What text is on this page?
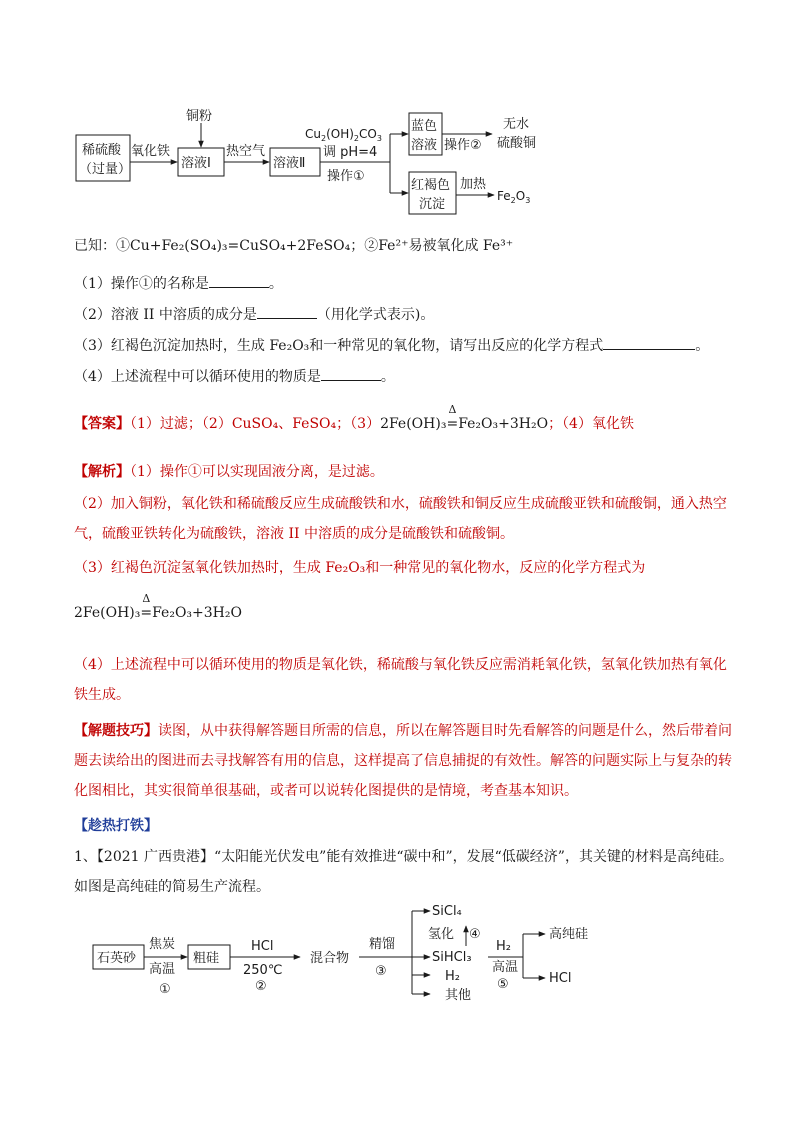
稀硫酸
（过量）
氧化铁
铜粉
溶液Ⅰ
热空气
溶液Ⅱ
$Cu_2(OH)_2CO_3$
调 pH=4
操作①
蓝色
溶液 操作②
无水
硫酸铜
红褐色
沉淀
加热
$Fe_2O_3$
已知：①Cu+Fe₂(SO₄)₃=CuSO₄+2FeSO₄；②Fe²⁺易被氧化成 Fe³⁺
（1）操作①的名称是	。
（2）溶液 II 中溶质的成分是	（用化学式表示)。
（3）红褐色沉淀加热时，生成 Fe₂O₃和一种常见的氧化物，请写出反应的化学方程式	。
（4）上述流程中可以循环使用的物质是	。
【答案】（1）过滤；（2）CuSO₄、FeSO₄；（3）2Fe(OH)₃
Δ
=Fe₂O₃+3H₂O；（4）氧化铁
【解析】（1）操作①可以实现固液分离，是过滤。
（2）加入铜粉，氧化铁和稀硫酸反应生成硫酸铁和水，硫酸铁和铜反应生成硫酸亚铁和硫酸铜，通入热空气，硫酸亚铁转化为硫酸铁，溶液 II 中溶质的成分是硫酸铁和硫酸铜。
（3）红褐色沉淀氢氧化铁加热时，生成 Fe₂O₃和一种常见的氧化物水，反应的化学方程式为
2Fe(OH)₃
Δ
=Fe₂O₃+3H₂O
（4）上述流程中可以循环使用的物质是氧化铁，稀硫酸与氧化铁反应需消耗氧化铁，氢氧化铁加热有氧化铁生成。
【解题技巧】读图，从中获得解答题目所需的信息，所以在解答题目时先看解答的问题是什么，然后带着问题去读给出的图进而去寻找解答有用的信息，这样提高了信息捕捉的有效性。解答的问题实际上与复杂的转化图相比，其实很简单很基础，或者可以说转化图提供的是情境，考查基本知识。
【趁热打铁】
1、【2021 广西贵港】“太阳能光伏发电”能有效推进“碳中和”，发展“低碳经济”，其关键的材料是高纯硅。如图是高纯硅的简易生产流程。
石英砂
焦炭
高温
①
粗硅
HCl
250℃
②
混合物
精馏
③
SiCl₄
氢化 ④
SiHCl₃
H₂
其他
H₂
高温
⑤
高纯硅
HCl
